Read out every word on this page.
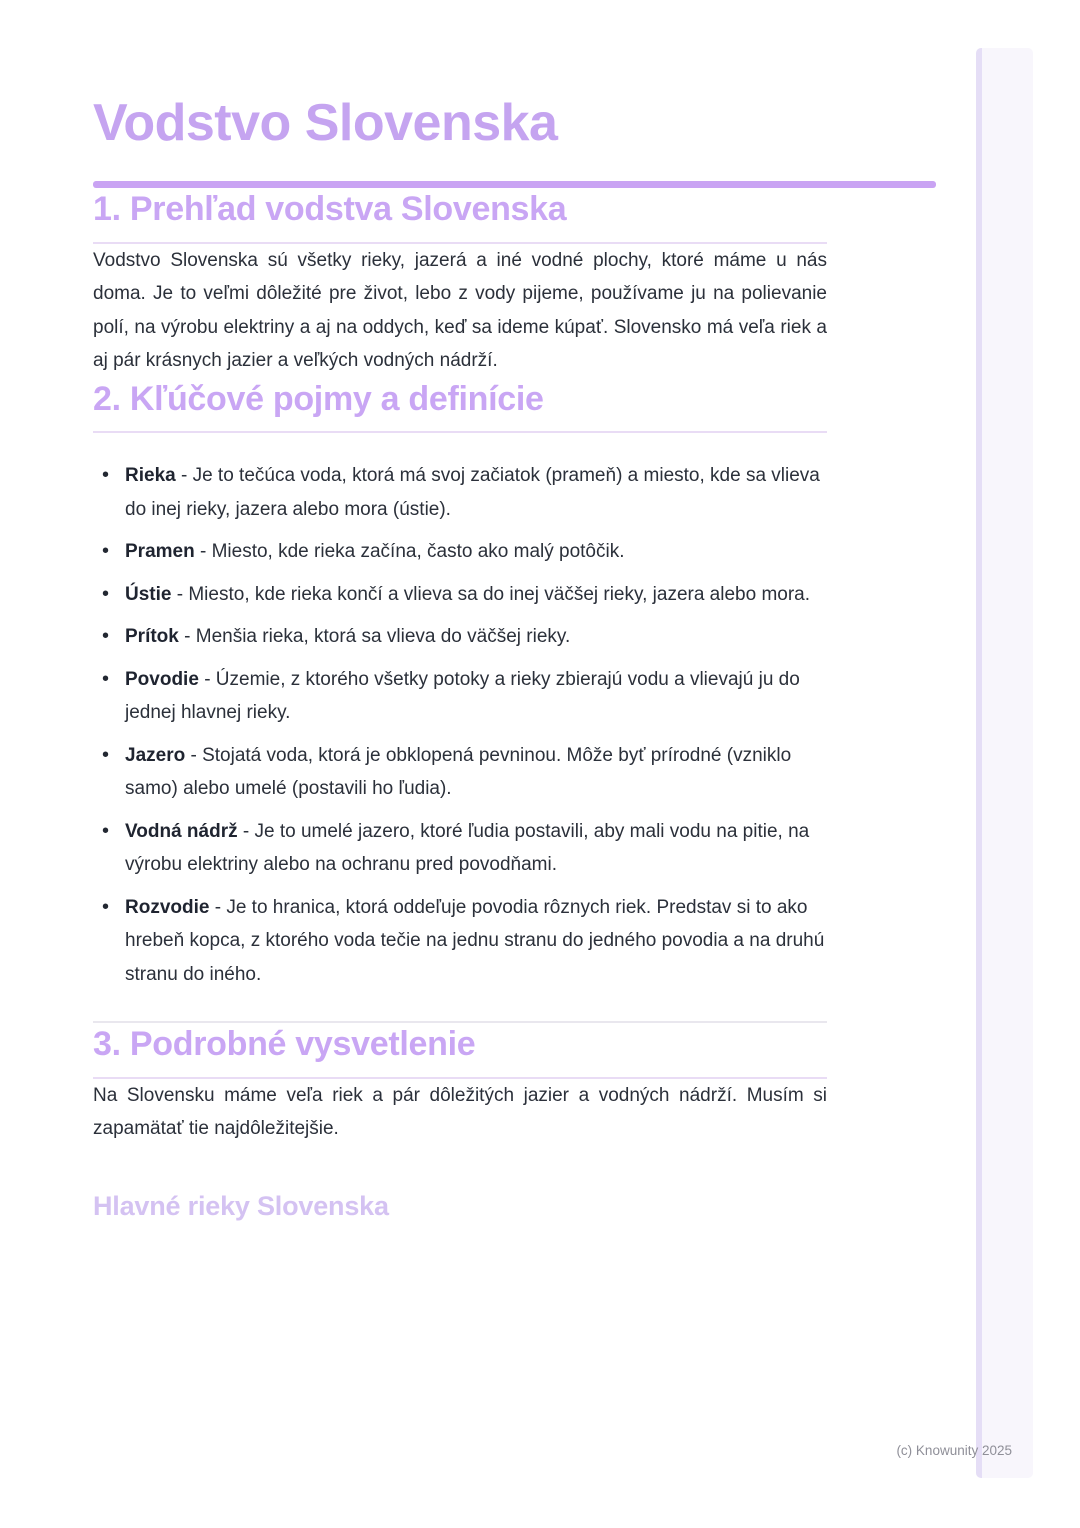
Vodstvo Slovenska
1. Prehľad vodstva Slovenska

Vodstvo Slovenska sú všetky rieky, jazerá a iné vodné plochy, ktoré máme u nás doma. Je to veľmi dôležité pre život, lebo z vody pijeme, používame ju na polievanie polí, na výrobu elektriny a aj na oddych, keď sa ideme kúpať. Slovensko má veľa riek a aj pár krásnych jazier a veľkých vodných nádrží.

2. Kľúčové pojmy a definície
• Rieka - Je to tečúca voda, ktorá má svoj začiatok (prameň) a miesto, kde sa vlieva do inej rieky, jazera alebo mora (ústie).
• Pramen - Miesto, kde rieka začína, často ako malý potôčik.
• Ústie - Miesto, kde rieka končí a vlieva sa do inej väčšej rieky, jazera alebo mora.
• Prítok - Menšia rieka, ktorá sa vlieva do väčšej rieky.
• Povodie - Územie, z ktorého všetky potoky a rieky zbierajú vodu a vlievajú ju do jednej hlavnej rieky.
• Jazero - Stojatá voda, ktorá je obklopená pevninou. Môže byť prírodné (vzniklo samo) alebo umelé (postavili ho ľudia).
• Vodná nádrž - Je to umelé jazero, ktoré ľudia postavili, aby mali vodu na pitie, na výrobu elektriny alebo na ochranu pred povodňami.
• Rozvodie - Je to hranica, ktorá oddeľuje povodia rôznych riek. Predstav si to ako hrebeň kopca, z ktorého voda tečie na jednu stranu do jedného povodia a na druhú stranu do iného.
3. Podrobné vysvetlenie

Na Slovensku máme veľa riek a pár dôležitých jazier a vodných nádrží. Musím si zapamätať tie najdôležitejšie.

Hlavné rieky Slovenska
(c) Knowunity 2025
